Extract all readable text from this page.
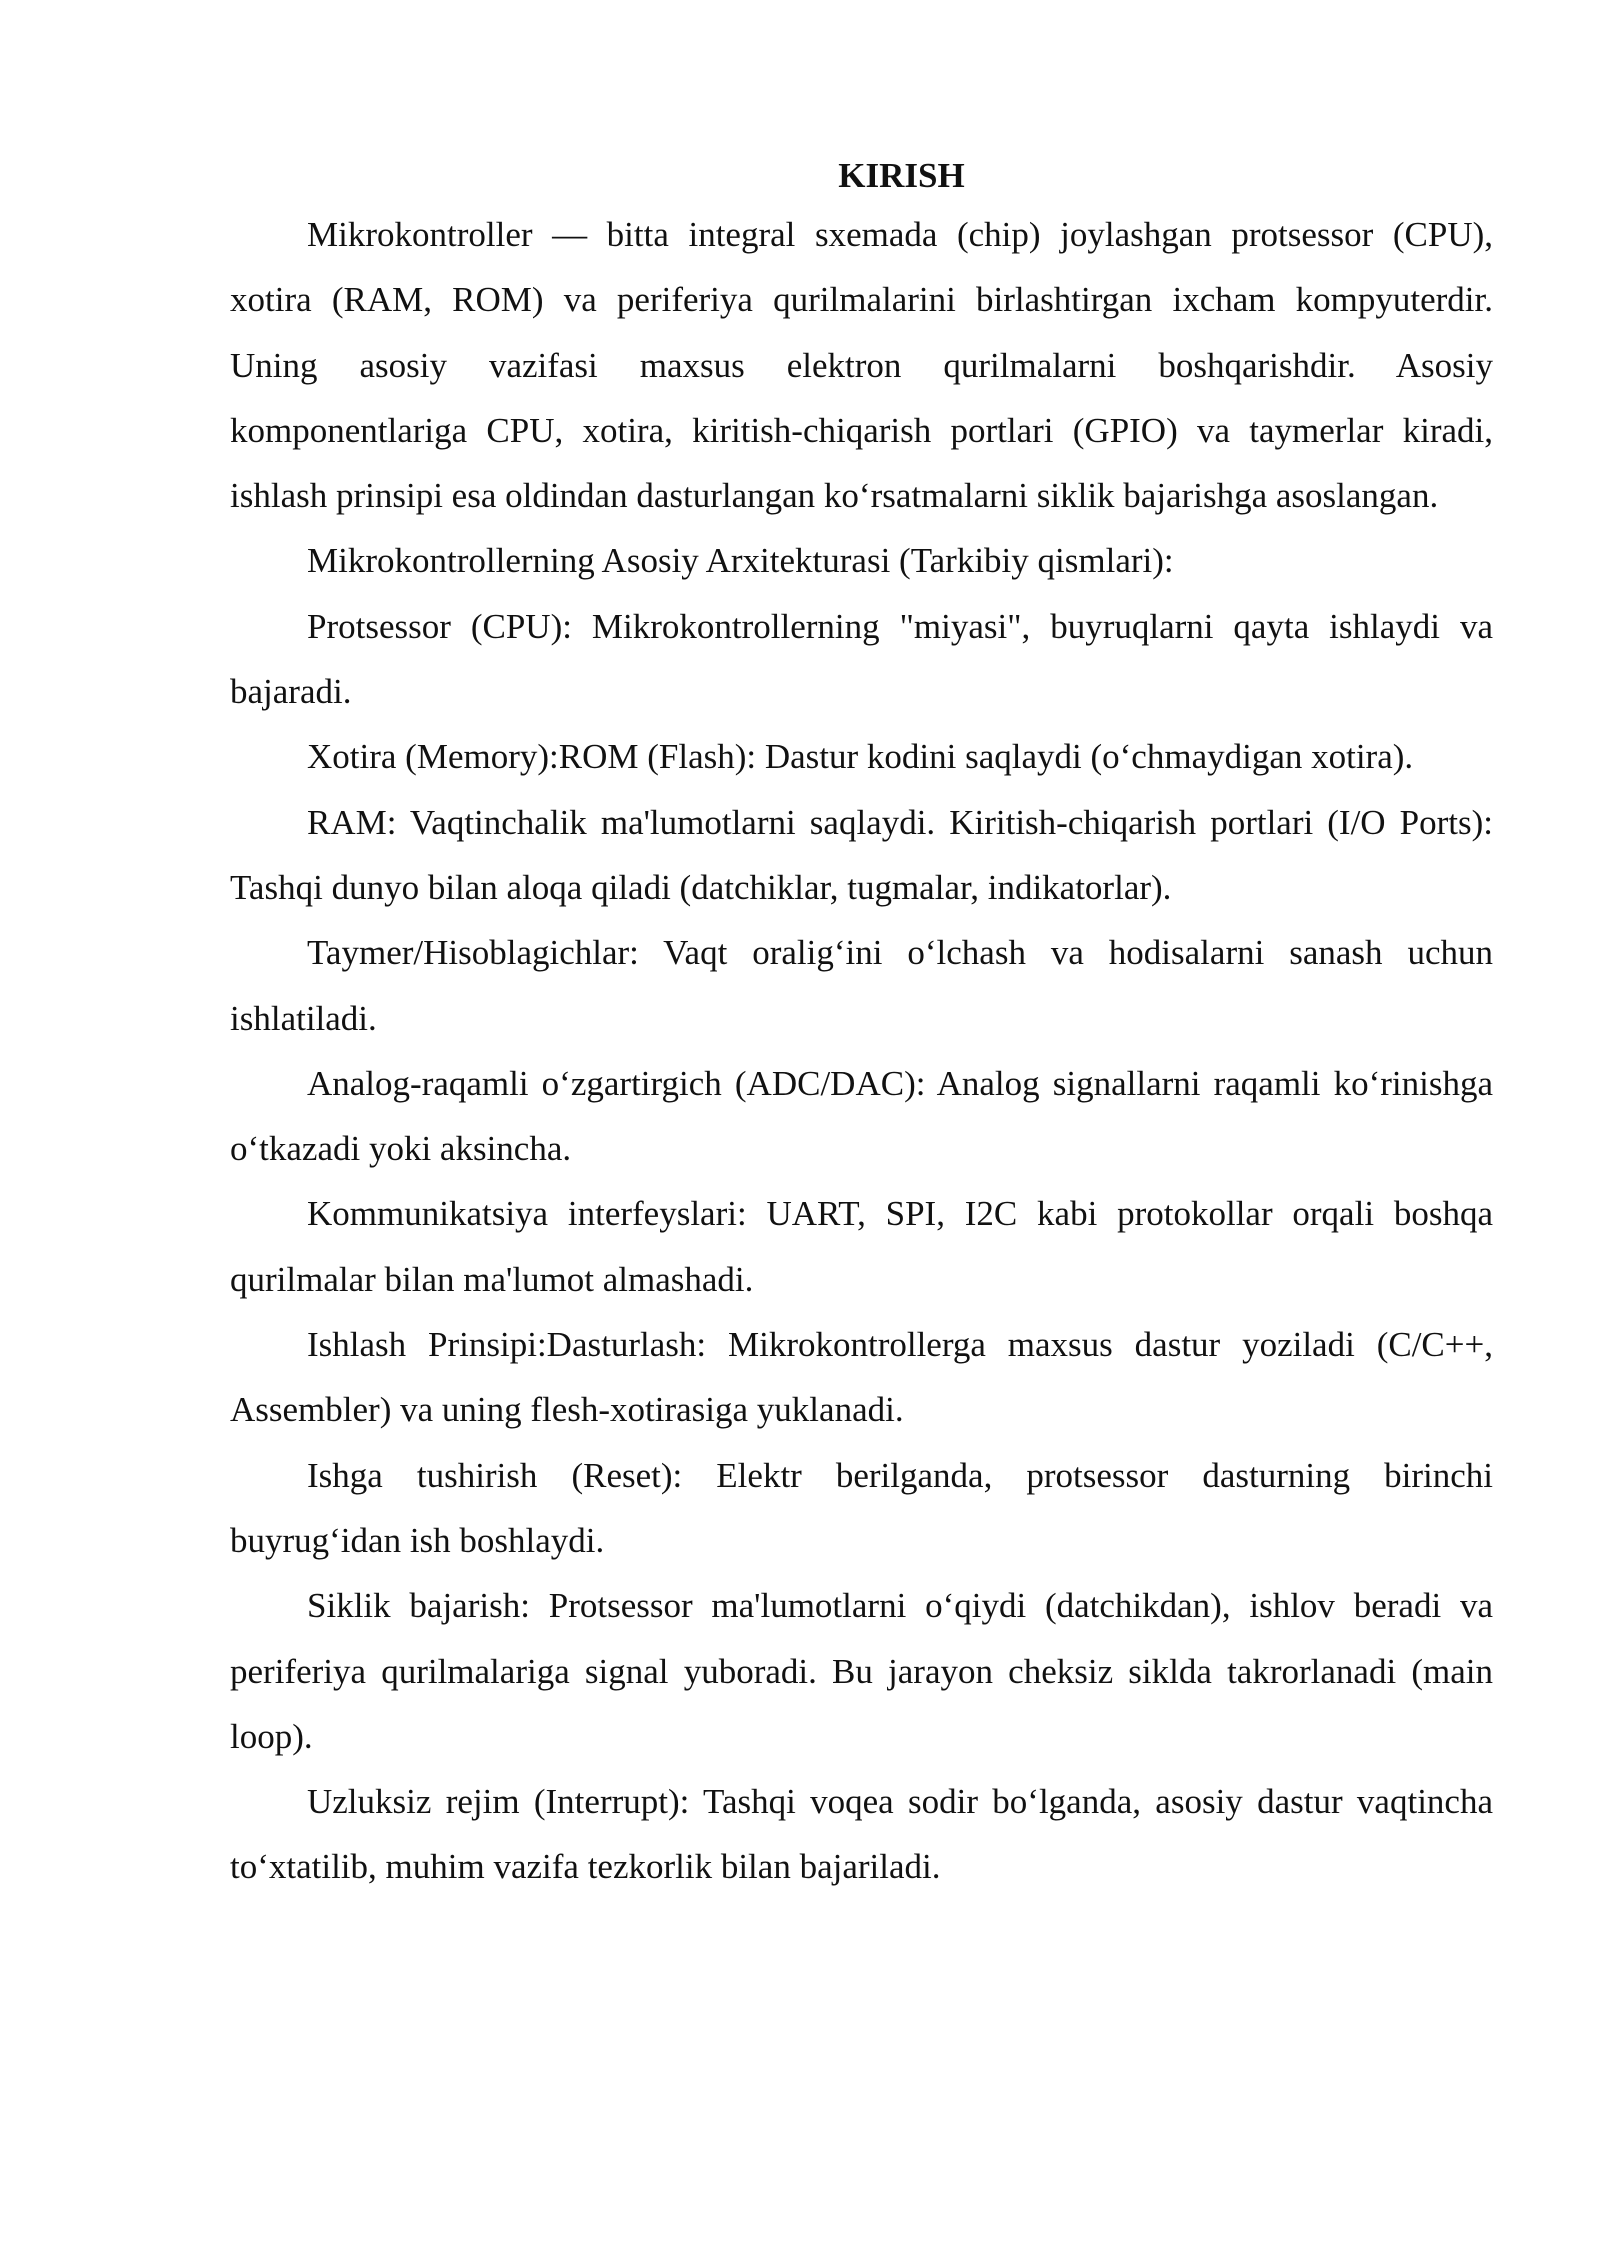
KIRISH

Mikrokontroller — bitta integral sxemada (chip) joylashgan protsessor (CPU), xotira (RAM, ROM) va periferiya qurilmalarini birlashtirgan ixcham kompyuterdir. Uning asosiy vazifasi maxsus elektron qurilmalarni boshqarishdir. Asosiy komponentlariga CPU, xotira, kiritish-chiqarish portlari (GPIO) va taymerlar kiradi, ishlash prinsipi esa oldindan dasturlangan koʻrsatmalarni siklik bajarishga asoslangan.

Mikrokontrollerning Asosiy Arxitekturasi (Tarkibiy qismlari):

Protsessor (CPU): Mikrokontrollerning "miyasi", buyruqlarni qayta ishlaydi va bajaradi.

Xotira (Memory):ROM (Flash): Dastur kodini saqlaydi (oʻchmaydigan xotira).

RAM: Vaqtinchalik ma'lumotlarni saqlaydi. Kiritish-chiqarish portlari (I/O Ports): Tashqi dunyo bilan aloqa qiladi (datchiklar, tugmalar, indikatorlar).

Taymer/Hisoblagichlar: Vaqt oraligʻini oʻlchash va hodisalarni sanash uchun ishlatiladi.

Analog-raqamli oʻzgartirgich (ADC/DAC): Analog signallarni raqamli koʻrinishga oʻtkazadi yoki aksincha.

Kommunikatsiya interfeyslari: UART, SPI, I2C kabi protokollar orqali boshqa qurilmalar bilan ma'lumot almashadi.

Ishlash Prinsipi:Dasturlash: Mikrokontrollerga maxsus dastur yoziladi (C/C++, Assembler) va uning flesh-xotirasiga yuklanadi.

Ishga tushirish (Reset): Elektr berilganda, protsessor dasturning birinchi buyrugʻidan ish boshlaydi.

Siklik bajarish: Protsessor ma'lumotlarni oʻqiydi (datchikdan), ishlov beradi va periferiya qurilmalariga signal yuboradi. Bu jarayon cheksiz siklda takrorlanadi (main loop).

Uzluksiz rejim (Interrupt): Tashqi voqea sodir boʻlganda, asosiy dastur vaqtincha toʻxtatilib, muhim vazifa tezkorlik bilan bajariladi.
